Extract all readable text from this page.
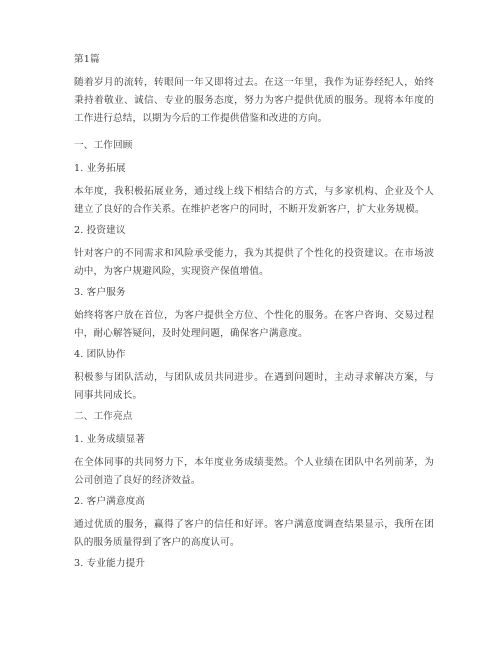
第1篇
随着岁月的流转，转眼间一年又即将过去。在这一年里，我作为证券经纪人，始终秉持着敬业、诚信、专业的服务态度，努力为客户提供优质的服务。现将本年度的工作进行总结，以期为今后的工作提供借鉴和改进的方向。
一、工作回顾
1. 业务拓展
本年度，我积极拓展业务，通过线上线下相结合的方式，与多家机构、企业及个人建立了良好的合作关系。在维护老客户的同时，不断开发新客户，扩大业务规模。
2. 投资建议
针对客户的不同需求和风险承受能力，我为其提供了个性化的投资建议。在市场波动中，为客户规避风险，实现资产保值增值。
3. 客户服务
始终将客户放在首位，为客户提供全方位、个性化的服务。在客户咨询、交易过程中，耐心解答疑问，及时处理问题，确保客户满意度。
4. 团队协作
积极参与团队活动，与团队成员共同进步。在遇到问题时，主动寻求解决方案，与同事共同成长。
二、工作亮点
1. 业务成绩显著
在全体同事的共同努力下，本年度业务成绩斐然。个人业绩在团队中名列前茅，为公司创造了良好的经济效益。
2. 客户满意度高
通过优质的服务，赢得了客户的信任和好评。客户满意度调查结果显示，我所在团队的服务质量得到了客户的高度认可。
3. 专业能力提升
